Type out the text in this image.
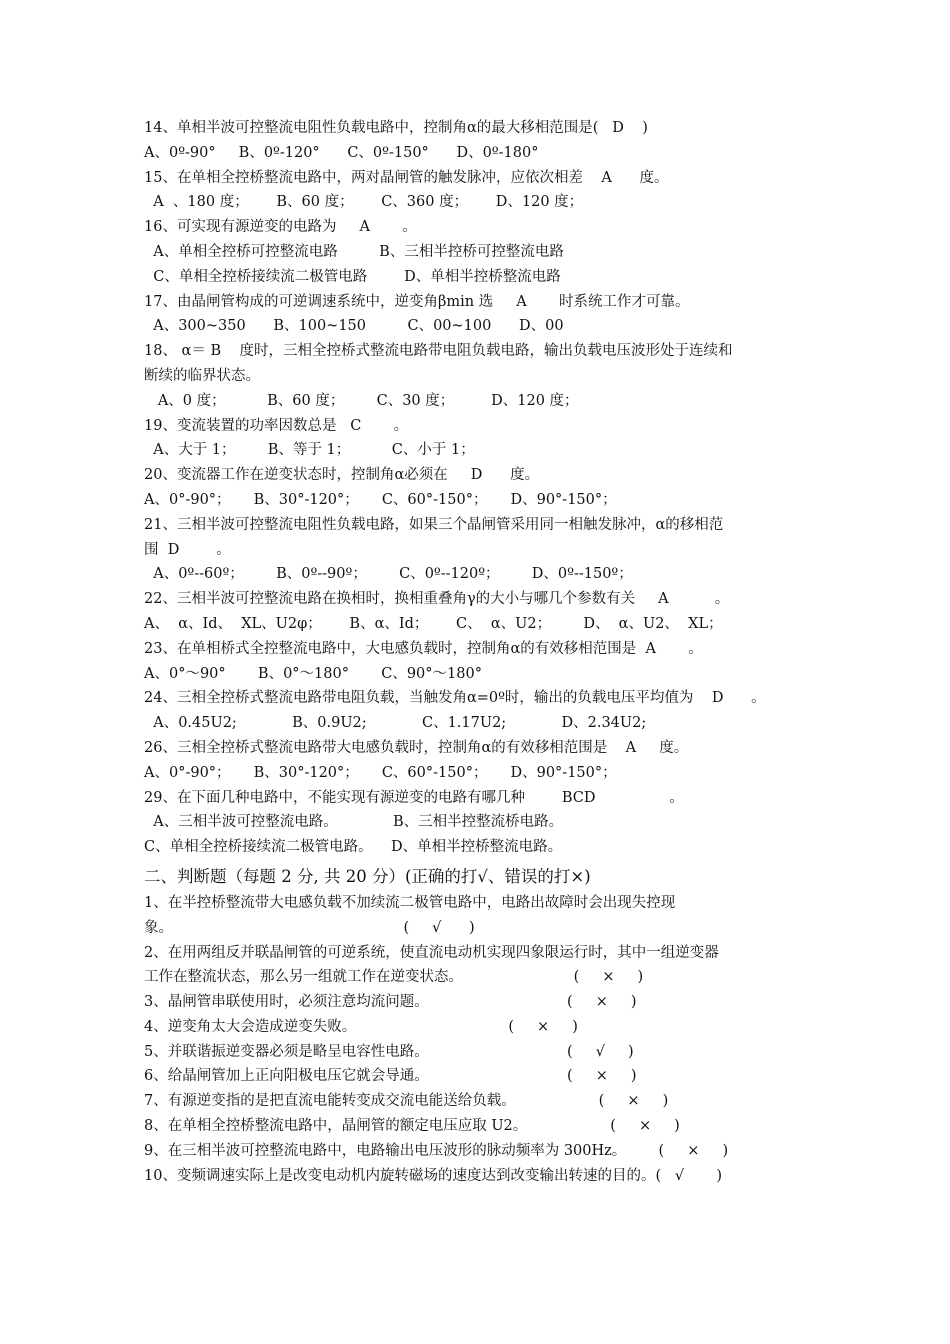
14、单相半波可控整流电阻性负载电路中，控制角α的最大移相范围是(   D    )
A、0º-90°     B、0º-120°      C、0º-150°      D、0º-180°
15、在单相全控桥整流电路中，两对晶闸管的触发脉冲，应依次相差    A      度。
A  、180 度；      B、60 度；      C、360 度；      D、120 度；
16、可实现有源逆变的电路为     A       。
A、单相全控桥可控整流电路         B、三相半控桥可控整流电路
C、单相全控桥接续流二极管电路        D、单相半控桥整流电路
17、由晶闸管构成的可逆调速系统中，逆变角βmin 选     A       时系统工作才可靠。
A、300~350      B、100~150         C、00~100      D、00
18、 α＝ B    度时，三相全控桥式整流电路带电阻负载电路，输出负载电压波形处于连续和
断续的临界状态。
A、0 度；         B、60 度；       C、30 度；        D、120 度；
19、变流装置的功率因数总是   C       。
A、大于 1；       B、等于 1；         C、小于 1；
20、变流器工作在逆变状态时，控制角α必须在     D      度。
A、0°-90°；     B、30°-120°；     C、60°-150°；     D、90°-150°；
21、三相半波可控整流电阻性负载电路，如果三个晶闸管采用同一相触发脉冲，α的移相范
围  D        。
A、0º--60º；       B、0º--90º；       C、0º--120º；       D、0º--150º；
22、三相半波可控整流电路在换相时，换相重叠角γ的大小与哪几个参数有关     A          。
A、  α、Id、  XL、U2φ；      B、α、Id；      C、  α、U2；       D、  α、U2、  XL；
23、在单相桥式全控整流电路中，大电感负载时，控制角α的有效移相范围是  A       。
A、0°～90°       B、0°～180°       C、90°～180°
24、三相全控桥式整流电路带电阻负载，当触发角α=0º时，输出的负载电压平均值为    D      。
A、0.45U2;            B、0.9U2;            C、1.17U2;            D、2.34U2;
26、三相全控桥式整流电路带大电感负载时，控制角α的有效移相范围是    A     度。
A、0°-90°；     B、30°-120°；     C、60°-150°；     D、90°-150°；
29、在下面几种电路中，不能实现有源逆变的电路有哪几种        BCD                。
A、三相半波可控整流电路。            B、三相半控整流桥电路。
C、单相全控桥接续流二极管电路。    D、单相半控桥整流电路。
二、判断题（每题 2 分, 共 20 分）(正确的打√、错误的打×)
1、在半控桥整流带大电感负载不加续流二极管电路中，电路出故障时会出现失控现
象。                                                  (     √      )
2、在用两组反并联晶闸管的可逆系统，使直流电动机实现四象限运行时，其中一组逆变器
工作在整流状态，那么另一组就工作在逆变状态。                        (     ×     )
3、晶闸管串联使用时，必须注意均流问题。                              (     ×     )
4、逆变角太大会造成逆变失败。                                 (     ×     )
5、并联谐振逆变器必须是略呈电容性电路。                              (     √     )
6、给晶闸管加上正向阳极电压它就会导通。                              (     ×     )
7、有源逆变指的是把直流电能转变成交流电能送给负载。                  (     ×     )
8、在单相全控桥整流电路中，晶闸管的额定电压应取 U2。                  (     ×     )
9、在三相半波可控整流电路中，电路输出电压波形的脉动频率为 300Hz。       (     ×     )
10、变频调速实际上是改变电动机内旋转磁场的速度达到改变输出转速的目的。(   √       )
